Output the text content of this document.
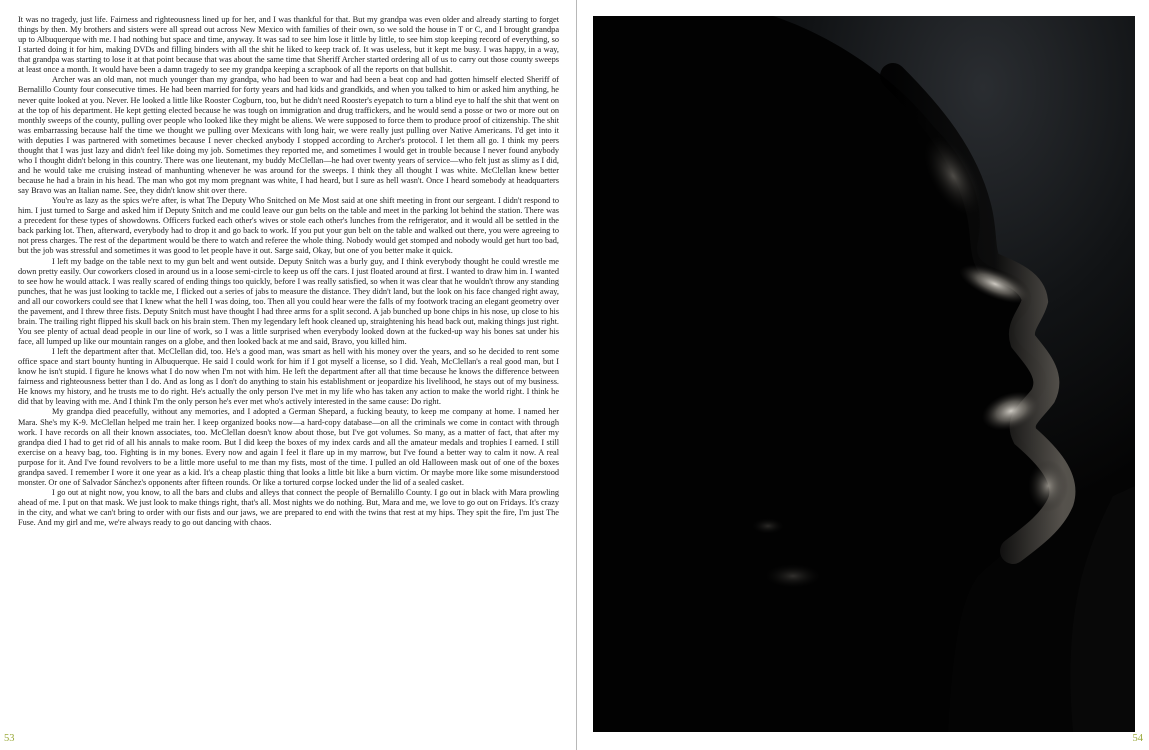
It was no tragedy, just life. Fairness and righteousness lined up for her, and I was thankful for that. But my grandpa was even older and already starting to forget things by then. My brothers and sisters were all spread out across New Mexico with families of their own, so we sold the house in T or C, and I brought grandpa up to Albuquerque with me. I had nothing but space and time, anyway. It was sad to see him lose it little by little, to see him stop keeping record of everything, so I started doing it for him, making DVDs and filling binders with all the shit he liked to keep track of. It was useless, but it kept me busy. I was happy, in a way, that grandpa was starting to lose it at that point because that was about the same time that Sheriff Archer started ordering all of us to carry out those county sweeps at least once a month. It would have been a damn tragedy to see my grandpa keeping a scrapbook of all the reports on that bullshit.

Archer was an old man, not much younger than my grandpa, who had been to war and had been a beat cop and had gotten himself elected Sheriff of Bernalillo County four consecutive times. He had been married for forty years and had kids and grandkids, and when you talked to him or asked him anything, he never quite looked at you. Never. He looked a little like Rooster Cogburn, too, but he didn't need Rooster's eyepatch to turn a blind eye to half the shit that went on at the top of his department. He kept getting elected because he was tough on immigration and drug traffickers, and he would send a posse or two or more out on monthly sweeps of the county, pulling over people who looked like they might be aliens. We were supposed to force them to produce proof of citizenship. The shit was embarrassing because half the time we thought we pulling over Mexicans with long hair, we were really just pulling over Native Americans. I'd get into it with deputies I was partnered with sometimes because I never checked anybody I stopped according to Archer's protocol. I let them all go. I think my peers thought that I was just lazy and didn't feel like doing my job. Sometimes they reported me, and sometimes I would get in trouble because I never found anybody who I thought didn't belong in this country. There was one lieutenant, my buddy McClellan—he had over twenty years of service—who felt just as slimy as I did, and he would take me cruising instead of manhunting whenever he was around for the sweeps. I think they all thought I was white. McClellan knew better because he had a brain in his head. The man who got my mom pregnant was white, I had heard, but I sure as hell wasn't. Once I heard somebody at headquarters say Bravo was an Italian name. See, they didn't know shit over there.

You're as lazy as the spics we're after, is what The Deputy Who Snitched on Me Most said at one shift meeting in front our sergeant. I didn't respond to him. I just turned to Sarge and asked him if Deputy Snitch and me could leave our gun belts on the table and meet in the parking lot behind the station. There was a precedent for these types of showdowns. Officers fucked each other's wives or stole each other's lunches from the refrigerator, and it would all be settled in the back parking lot. Then, afterward, everybody had to drop it and go back to work. If you put your gun belt on the table and walked out there, you were agreeing to not press charges. The rest of the department would be there to watch and referee the whole thing. Nobody would get stomped and nobody would get hurt too bad, but the job was stressful and sometimes it was good to let people have it out. Sarge said, Okay, but one of you better make it quick.

I left my badge on the table next to my gun belt and went outside. Deputy Snitch was a burly guy, and I think everybody thought he could wrestle me down pretty easily. Our coworkers closed in around us in a loose semi-circle to keep us off the cars. I just floated around at first. I wanted to draw him in. I wanted to see how he would attack. I was really scared of ending things too quickly, before I was really satisfied, so when it was clear that he wouldn't throw any standing punches, that he was just looking to tackle me, I flicked out a series of jabs to measure the distance. They didn't land, but the look on his face changed right away, and all our coworkers could see that I knew what the hell I was doing, too. Then all you could hear were the falls of my footwork tracing an elegant geometry over the pavement, and I threw three fists. Deputy Snitch must have thought I had three arms for a split second. A jab bunched up bone chips in his nose, up close to his brain. The trailing right flipped his skull back on his brain stem. Then my legendary left hook cleaned up, straightening his head back out, making things just right. You see plenty of actual dead people in our line of work, so I was a little surprised when everybody looked down at the fucked-up way his bones sat under his face, all lumped up like our mountain ranges on a globe, and then looked back at me and said, Bravo, you killed him.

I left the department after that. McClellan did, too. He's a good man, was smart as hell with his money over the years, and so he decided to rent some office space and start bounty hunting in Albuquerque. He said I could work for him if I got myself a license, so I did. Yeah, McClellan's a real good man, but I know he isn't stupid. I figure he knows what I do now when I'm not with him. He left the department after all that time because he knows the difference between fairness and righteousness better than I do. And as long as I don't do anything to stain his establishment or jeopardize his livelihood, he stays out of my business. He knows my history, and he trusts me to do right. He's actually the only person I've met in my life who has taken any action to make the world right. I think he did that by leaving with me. And I think I'm the only person he's ever met who's actively interested in the same cause: Do right.

My grandpa died peacefully, without any memories, and I adopted a German Shepard, a fucking beauty, to keep me company at home. I named her Mara. She's my K-9. McClellan helped me train her. I keep organized books now—a hard-copy database—on all the criminals we come in contact with through work. I have records on all their known associates, too. McClellan doesn't know about those, but I've got volumes. So many, as a matter of fact, that after my grandpa died I had to get rid of all his annals to make room. But I did keep the boxes of my index cards and all the amateur medals and trophies I earned. I still exercise on a heavy bag, too. Fighting is in my bones. Every now and again I feel it flare up in my marrow, but I've found a better way to calm it now. A real purpose for it. And I've found revolvers to be a little more useful to me than my fists, most of the time. I pulled an old Halloween mask out of one of the boxes grandpa saved. I remember I wore it one year as a kid. It's a cheap plastic thing that looks a little bit like a burn victim. Or maybe more like some misunderstood monster. Or one of Salvador Sánchez's opponents after fifteen rounds. Or like a tortured corpse locked under the lid of a sealed casket.

I go out at night now, you know, to all the bars and clubs and alleys that connect the people of Bernalillo County. I go out in black with Mara prowling ahead of me. I put on that mask. We just look to make things right, that's all. Most nights we do nothing. But, Mara and me, we love to go out on Fridays. It's crazy in the city, and what we can't bring to order with our fists and our jaws, we are prepared to end with the twins that rest at my hips. They spit the fire, I'm just The Fuse. And my girl and me, we're always ready to go out dancing with chaos.

53	54
